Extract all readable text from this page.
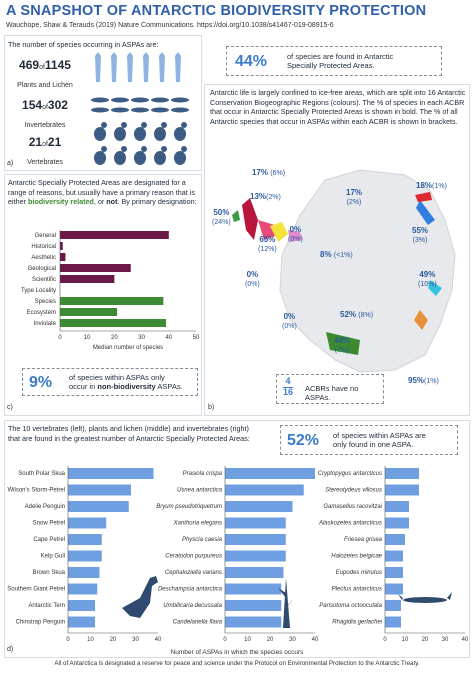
A SNAPSHOT OF ANTARCTIC BIODIVERSITY PROTECTION
Wauchope, Shaw & Terauds (2019) Nature Communications. https://doi.org/10.1038/s41467-019-08915-6
The number of species occurring in ASPAs are:
a)
469of1145
Plants and Lichen
154of302
Invertebrates
21of21
Vertebrates
44%	of species are found in Antarctic
Specially Protected Areas.
Antarctic life is largely confined to ice-free areas, which are split into 16 Antarctic Conservation Biogeographic Regions (colours). The % of species in each ACBR that occur in Antarctic Specially Protected Areas is shown in bold. The % of all Antarctic species that occur in ASPAs within each ACBR is shown in brackets.
b)
17% (6%)
13%(2%)
17%
(2%)
18%(1%)
50%
(24%)
0%
(0%)
65%
(12%)
8% (<1%)
55%
(3%)
0%
(0%)
49%
(10%)
0%
(0%)
52% (8%)
44%
(7%)
95%(1%)
4
16 ACBRs have no ASPAs.
Antarctic Specially Protected Areas are designated for a range of reasons, but usually have a primary reason that is either biodiversity related, or not. By primary designation:
c)
General
Historical
Aesthetic
Geological
Scientific
Type Locality
Species
Ecosystem
Inviolate
0	10	20	30	40	50
Median number of species
9% of species within ASPAs only
occur in non-biodiversity ASPAs.
The 10 vertebrates (left), plants and lichen (middle) and invertebrates (right) that are found in the greatest number of Antarctic Specially Protected Areas:
d)
52% of species within ASPAs are
only found in one ASPA.
South Polar Skua
Wilson's Storm-Petrel
Adelie Penguin
Snow Petrel
Cape Petrel
Kelp Gull
Brown Skua
Southern Giant Petrel
Antarctic Tern
Chinstrap Penguin
0	10	20	30	40
Prasiola crispa
Usnea antarctica
Bryum pseudotriquetrum
Xanthoria elegans
Physcia caesia
Ceratodon purpureus
Cephaloziella varians
Deschampsia antarctica
Umbilicaria decussata
Candelariella flava
0	10	20	30	40
Cryptopygus antarcticus
Stereotydeus villosus
Gamasellus racovitzai
Alaskozetes antarcticus
Friesea grisea
Halozetes belgicae
Eupodes minutus
Plectus antarcticus
Parisotoma octooculata
Rhagidia gerlachei
0 10 20 30 40
Number of ASPAs in which the species occurs
All of Antarctica is designated a reserve for peace and science under the Protocol on Environmental Protection to the Antarctic Treaty.
